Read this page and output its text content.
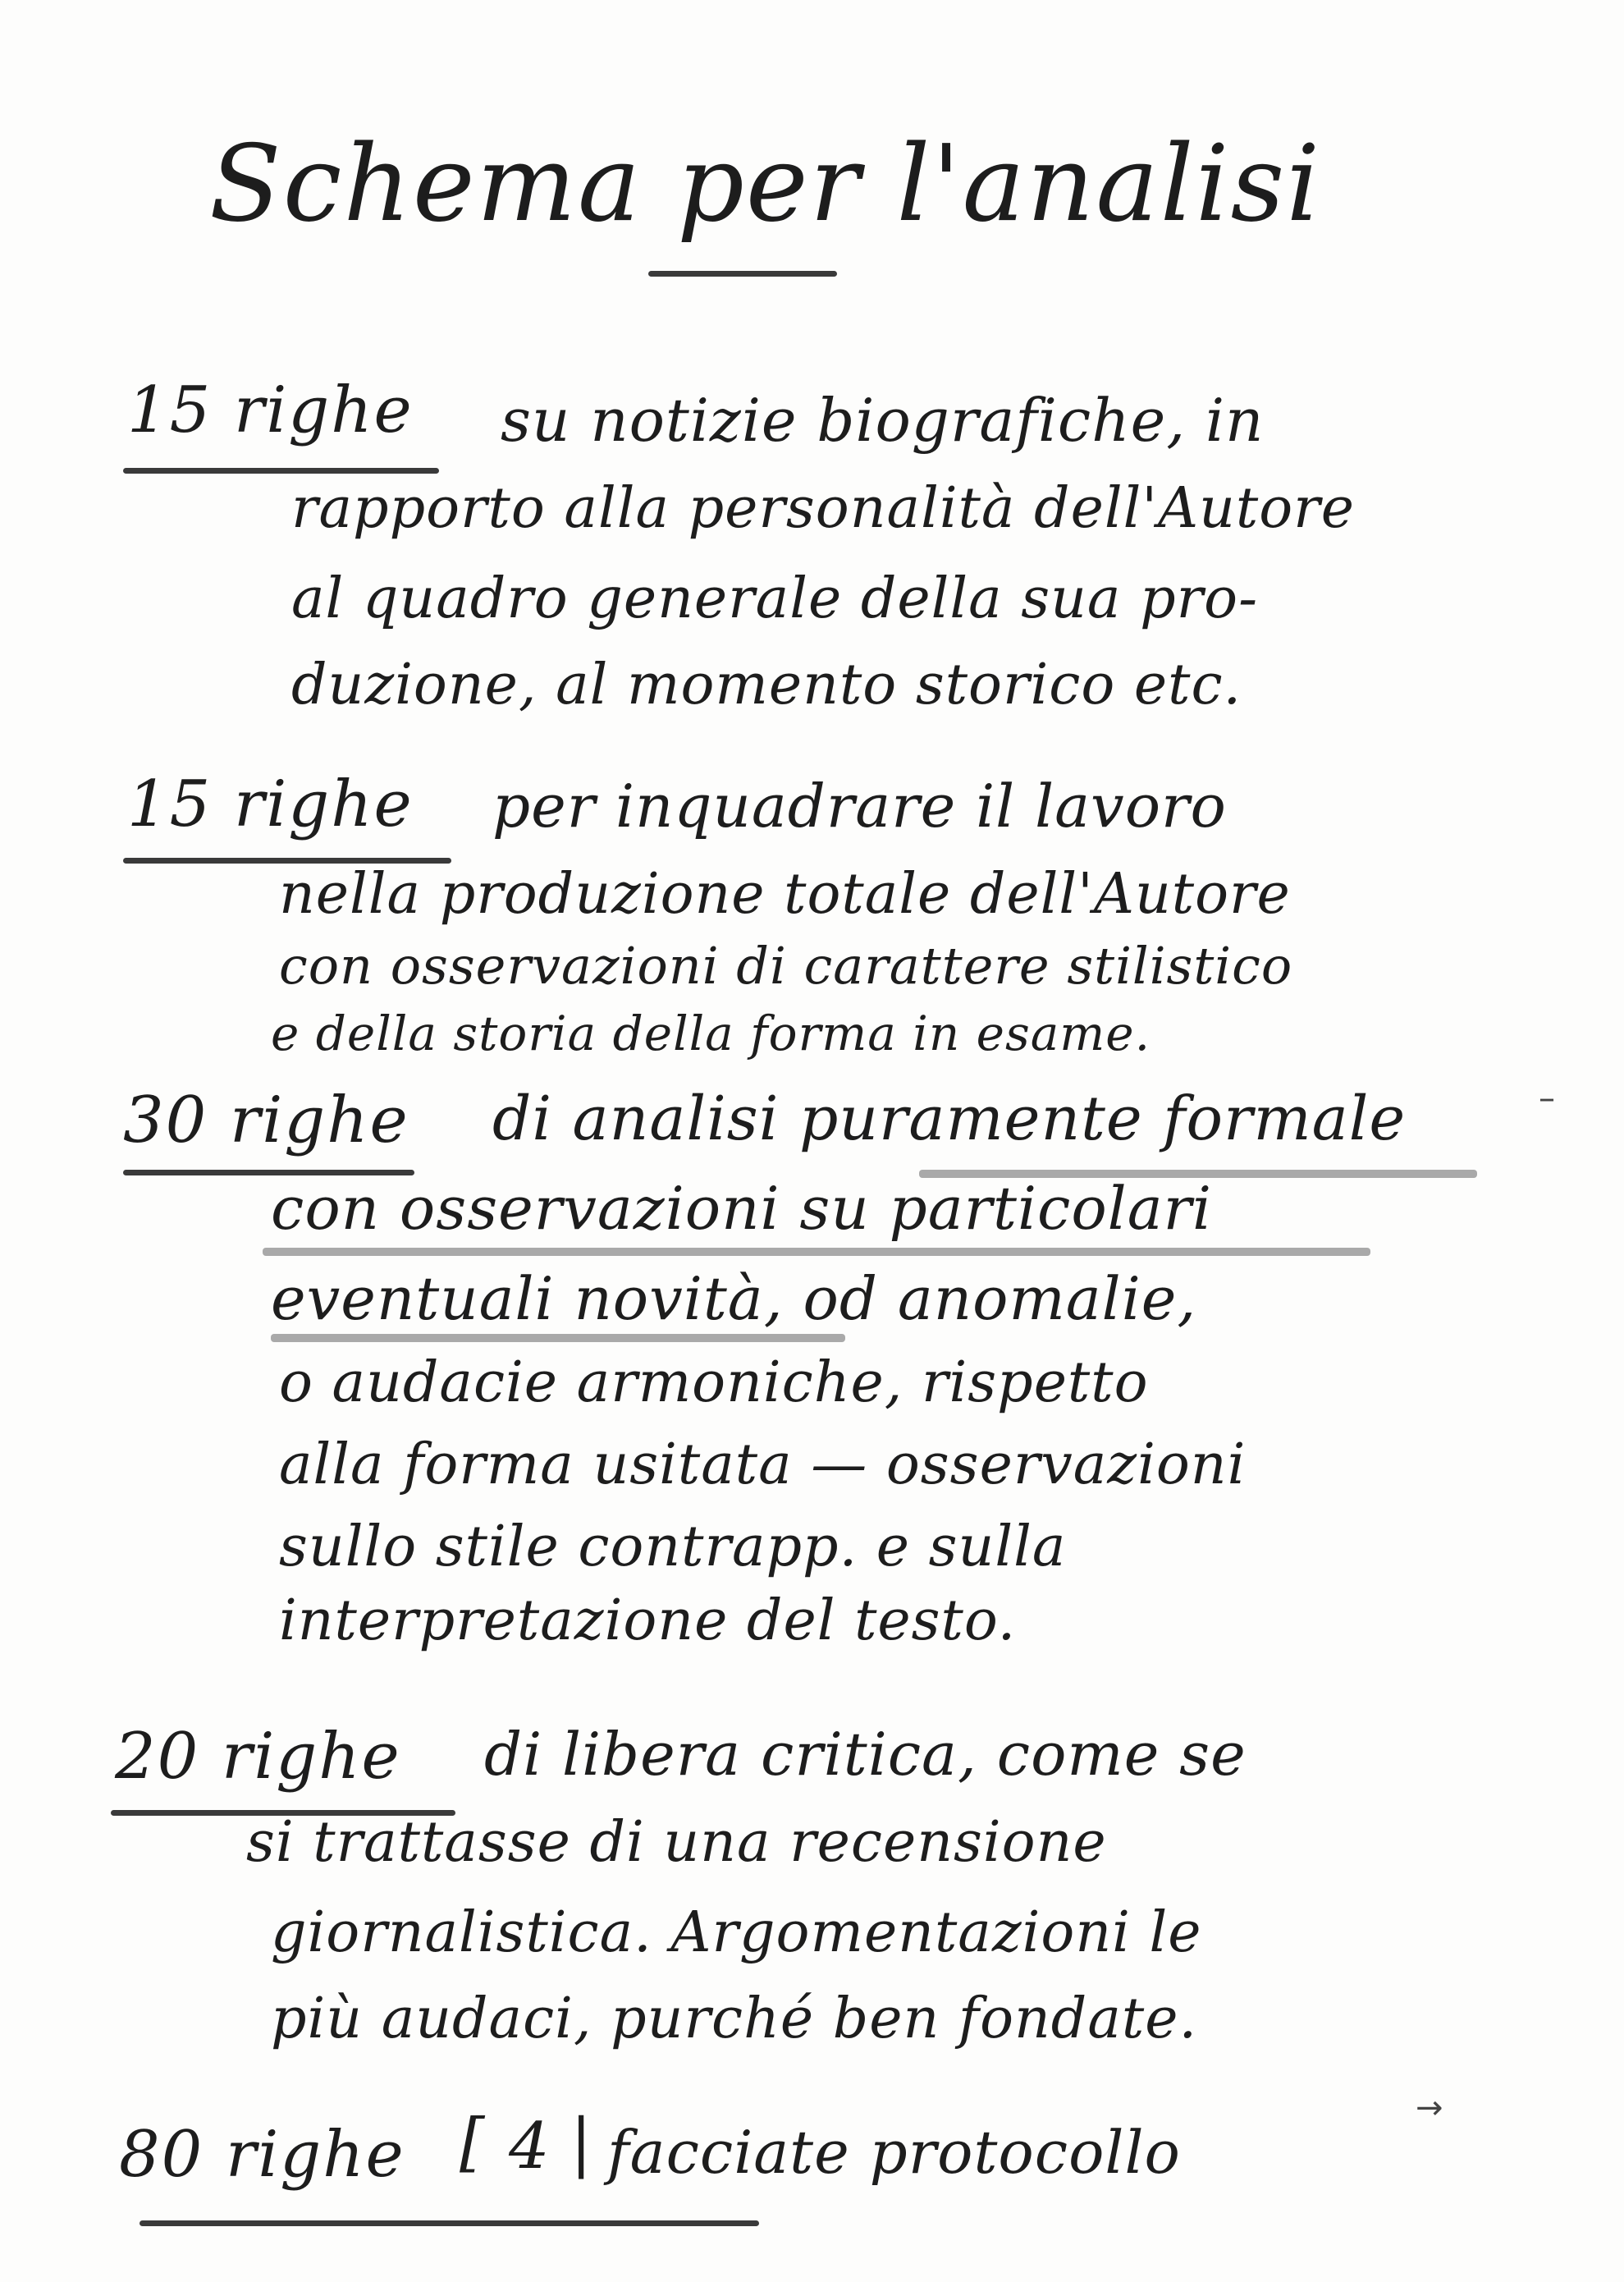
Schema per l'analisi
15 righe su notizie biografiche, in
rapporto alla personalità dell'Autore
al quadro generale della sua pro-
duzione, al momento storico etc.
15 righe per inquadrare il lavoro
nella produzione totale dell'Autore
con osservazioni di carattere stilistico
e della storia della forma in esame.
30 righe di analisi puramente formale
con osservazioni su particolari
eventuali novità, od anomalie,
o audacie armoniche, rispetto
alla forma usitata — osservazioni
sullo stile contrapp. e sulla
interpretazione del testo.
20 righe di libera critica, come se
si trattasse di una recensione
giornalistica. Argomentazioni le
più audaci, purché ben fondate.
80 righe [ 4 | facciate protocollo
→
–
